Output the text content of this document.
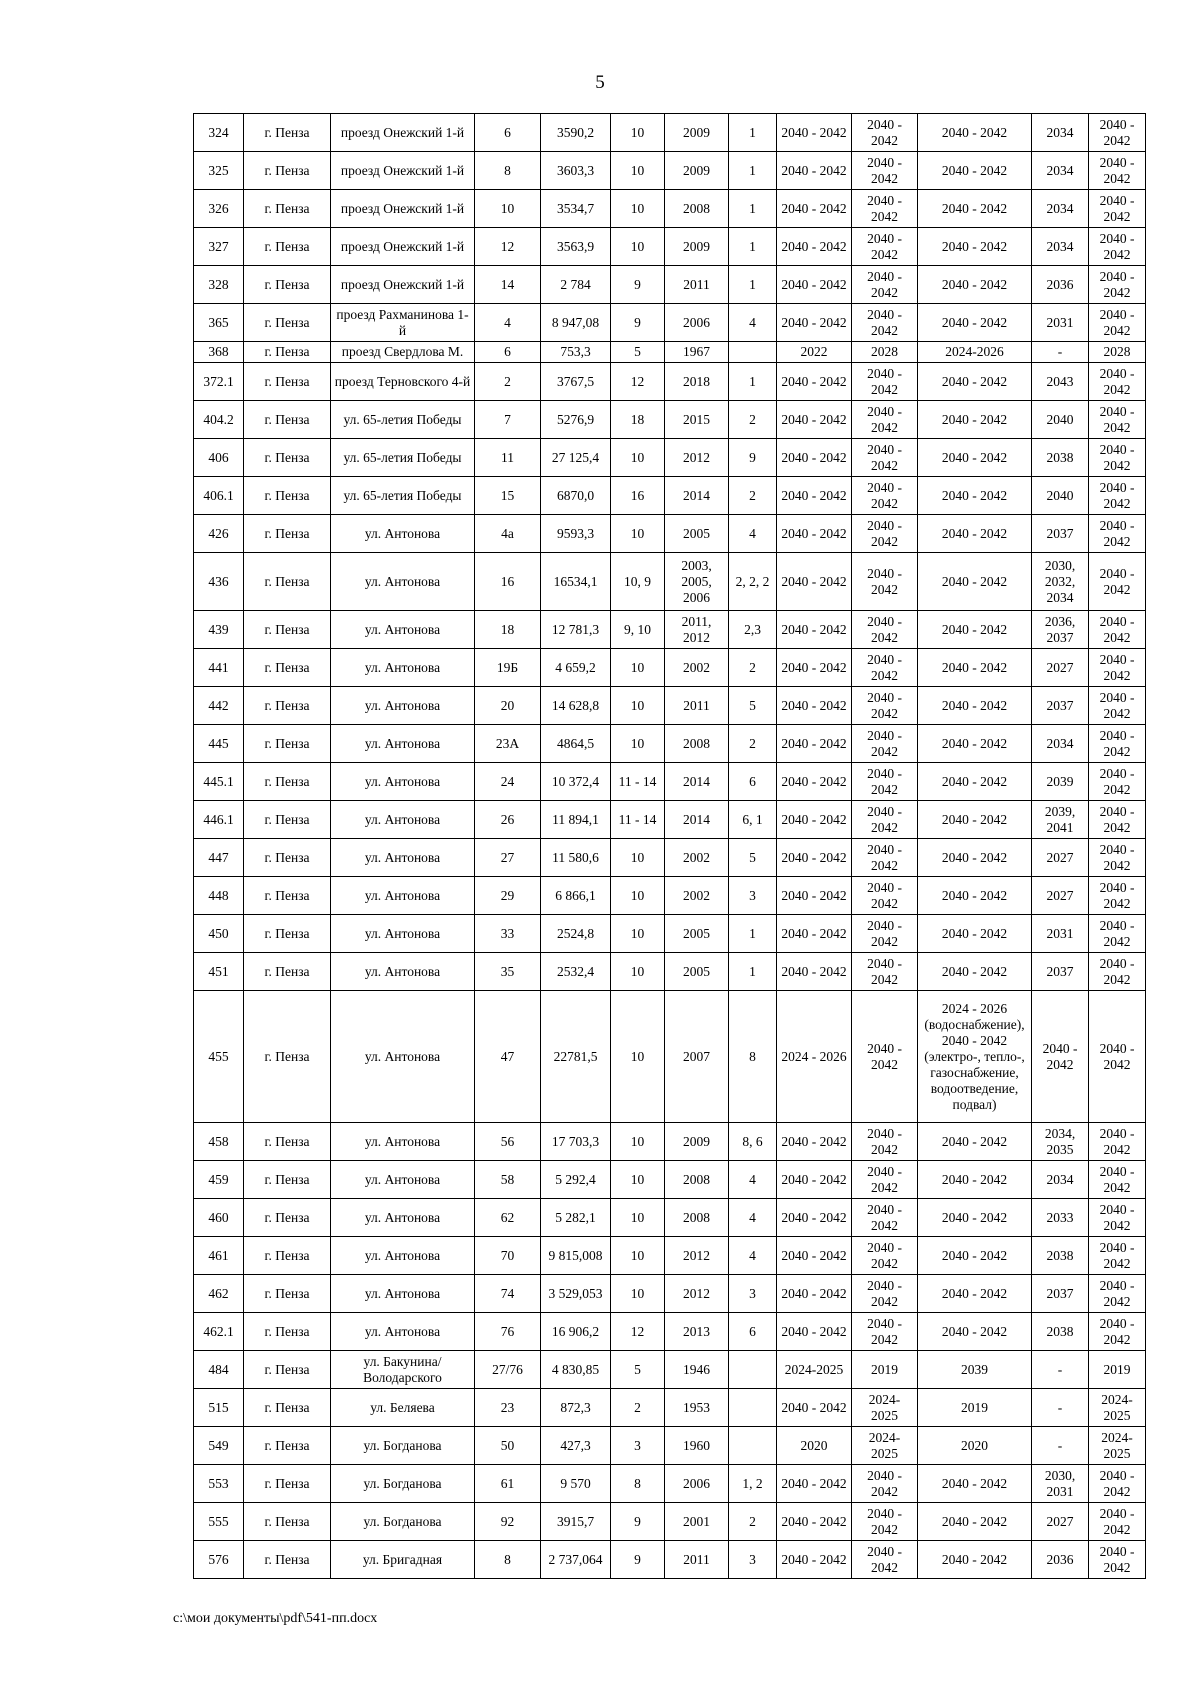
5
324	г. Пенза	проезд Онежский 1-й	6	3590,2	10	2009	1	2040 - 2042	2040 - 2042	2040 - 2042	2034	2040 - 2042
325	г. Пенза	проезд Онежский 1-й	8	3603,3	10	2009	1	2040 - 2042	2040 - 2042	2040 - 2042	2034	2040 - 2042
326	г. Пенза	проезд Онежский 1-й	10	3534,7	10	2008	1	2040 - 2042	2040 - 2042	2040 - 2042	2034	2040 - 2042
327	г. Пенза	проезд Онежский 1-й	12	3563,9	10	2009	1	2040 - 2042	2040 - 2042	2040 - 2042	2034	2040 - 2042
328	г. Пенза	проезд Онежский 1-й	14	2 784	9	2011	1	2040 - 2042	2040 - 2042	2040 - 2042	2036	2040 - 2042
365	г. Пенза	проезд Рахманинова 1-й	4	8 947,08	9	2006	4	2040 - 2042	2040 - 2042	2040 - 2042	2031	2040 - 2042
368	г. Пенза	проезд Свердлова М.	6	753,3	5	1967		2022	2028	2024-2026	-	2028
372.1	г. Пенза	проезд Терновского 4-й	2	3767,5	12	2018	1	2040 - 2042	2040 - 2042	2040 - 2042	2043	2040 - 2042
404.2	г. Пенза	ул. 65-летия Победы	7	5276,9	18	2015	2	2040 - 2042	2040 - 2042	2040 - 2042	2040	2040 - 2042
406	г. Пенза	ул. 65-летия Победы	11	27 125,4	10	2012	9	2040 - 2042	2040 - 2042	2040 - 2042	2038	2040 - 2042
406.1	г. Пенза	ул. 65-летия Победы	15	6870,0	16	2014	2	2040 - 2042	2040 - 2042	2040 - 2042	2040	2040 - 2042
426	г. Пенза	ул. Антонова	4а	9593,3	10	2005	4	2040 - 2042	2040 - 2042	2040 - 2042	2037	2040 - 2042
436	г. Пенза	ул. Антонова	16	16534,1	10, 9	2003, 2005, 2006	2, 2, 2	2040 - 2042	2040 - 2042	2040 - 2042	2030, 2032, 2034	2040 - 2042
439	г. Пенза	ул. Антонова	18	12 781,3	9, 10	2011, 2012	2,3	2040 - 2042	2040 - 2042	2040 - 2042	2036, 2037	2040 - 2042
441	г. Пенза	ул. Антонова	19Б	4 659,2	10	2002	2	2040 - 2042	2040 - 2042	2040 - 2042	2027	2040 - 2042
442	г. Пенза	ул. Антонова	20	14 628,8	10	2011	5	2040 - 2042	2040 - 2042	2040 - 2042	2037	2040 - 2042
445	г. Пенза	ул. Антонова	23А	4864,5	10	2008	2	2040 - 2042	2040 - 2042	2040 - 2042	2034	2040 - 2042
445.1	г. Пенза	ул. Антонова	24	10 372,4	11 - 14	2014	6	2040 - 2042	2040 - 2042	2040 - 2042	2039	2040 - 2042
446.1	г. Пенза	ул. Антонова	26	11 894,1	11 - 14	2014	6, 1	2040 - 2042	2040 - 2042	2040 - 2042	2039, 2041	2040 - 2042
447	г. Пенза	ул. Антонова	27	11 580,6	10	2002	5	2040 - 2042	2040 - 2042	2040 - 2042	2027	2040 - 2042
448	г. Пенза	ул. Антонова	29	6 866,1	10	2002	3	2040 - 2042	2040 - 2042	2040 - 2042	2027	2040 - 2042
450	г. Пенза	ул. Антонова	33	2524,8	10	2005	1	2040 - 2042	2040 - 2042	2040 - 2042	2031	2040 - 2042
451	г. Пенза	ул. Антонова	35	2532,4	10	2005	1	2040 - 2042	2040 - 2042	2040 - 2042	2037	2040 - 2042
455	г. Пенза	ул. Антонова	47	22781,5	10	2007	8	2024 - 2026	2040 - 2042	2024 - 2026 (водоснабжение), 2040 - 2042 (электро-, тепло-, газоснабжение, водоотведение, подвал)	2040 - 2042	2040 - 2042
458	г. Пенза	ул. Антонова	56	17 703,3	10	2009	8, 6	2040 - 2042	2040 - 2042	2040 - 2042	2034, 2035	2040 - 2042
459	г. Пенза	ул. Антонова	58	5 292,4	10	2008	4	2040 - 2042	2040 - 2042	2040 - 2042	2034	2040 - 2042
460	г. Пенза	ул. Антонова	62	5 282,1	10	2008	4	2040 - 2042	2040 - 2042	2040 - 2042	2033	2040 - 2042
461	г. Пенза	ул. Антонова	70	9 815,008	10	2012	4	2040 - 2042	2040 - 2042	2040 - 2042	2038	2040 - 2042
462	г. Пенза	ул. Антонова	74	3 529,053	10	2012	3	2040 - 2042	2040 - 2042	2040 - 2042	2037	2040 - 2042
462.1	г. Пенза	ул. Антонова	76	16 906,2	12	2013	6	2040 - 2042	2040 - 2042	2040 - 2042	2038	2040 - 2042
484	г. Пенза	ул. Бакунина/ Володарского	27/76	4 830,85	5	1946		2024-2025	2019	2039	-	2019
515	г. Пенза	ул. Беляева	23	872,3	2	1953		2040 - 2042	2024- 2025	2019	-	2024- 2025
549	г. Пенза	ул. Богданова	50	427,3	3	1960		2020	2024- 2025	2020	-	2024- 2025
553	г. Пенза	ул. Богданова	61	9 570	8	2006	1, 2	2040 - 2042	2040 - 2042	2040 - 2042	2030, 2031	2040 - 2042
555	г. Пенза	ул. Богданова	92	3915,7	9	2001	2	2040 - 2042	2040 - 2042	2040 - 2042	2027	2040 - 2042
576	г. Пенза	ул. Бригадная	8	2 737,064	9	2011	3	2040 - 2042	2040 - 2042	2040 - 2042	2036	2040 - 2042
c:\мои документы\pdf\541-пп.docx
